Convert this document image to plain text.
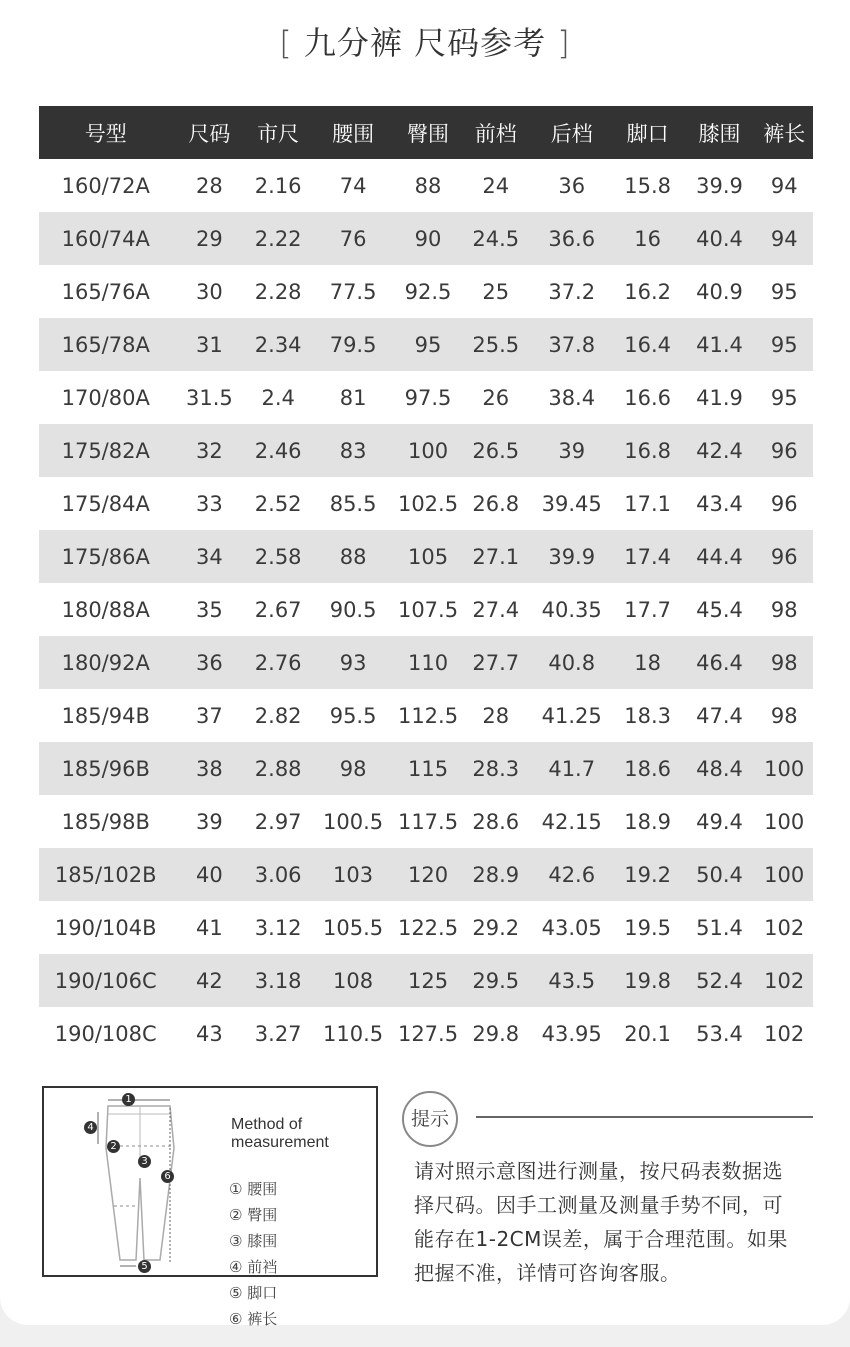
[ 九分裤 尺码参考 ]
号型	尺码	市尺	腰围	臀围	前档	后档	脚口	膝围	裤长
160/72A	28	2.16	74	88	24	36	15.8	39.9	94
160/74A	29	2.22	76	90	24.5	36.6	16	40.4	94
165/76A	30	2.28	77.5	92.5	25	37.2	16.2	40.9	95
165/78A	31	2.34	79.5	95	25.5	37.8	16.4	41.4	95
170/80A	31.5	2.4	81	97.5	26	38.4	16.6	41.9	95
175/82A	32	2.46	83	100	26.5	39	16.8	42.4	96
175/84A	33	2.52	85.5	102.5	26.8	39.45	17.1	43.4	96
175/86A	34	2.58	88	105	27.1	39.9	17.4	44.4	96
180/88A	35	2.67	90.5	107.5	27.4	40.35	17.7	45.4	98
180/92A	36	2.76	93	110	27.7	40.8	18	46.4	98
185/94B	37	2.82	95.5	112.5	28	41.25	18.3	47.4	98
185/96B	38	2.88	98	115	28.3	41.7	18.6	48.4	100
185/98B	39	2.97	100.5	117.5	28.6	42.15	18.9	49.4	100
185/102B	40	3.06	103	120	28.9	42.6	19.2	50.4	100
190/104B	41	3.12	105.5	122.5	29.2	43.05	19.5	51.4	102
190/106C	42	3.18	108	125	29.5	43.5	19.8	52.4	102
190/108C	43	3.27	110.5	127.5	29.8	43.95	20.1	53.4	102
1
2
3
4
5
6
Method of
measurement
① 腰围② 臀围
③ 膝围④ 前裆
⑤ 脚口⑥ 裤长
提示
请对照示意图进行测量，按尺码表数据选
择尺码。因手工测量及测量手势不同，可
能存在1-2CM误差，属于合理范围。如果
把握不准，详情可咨询客服。
